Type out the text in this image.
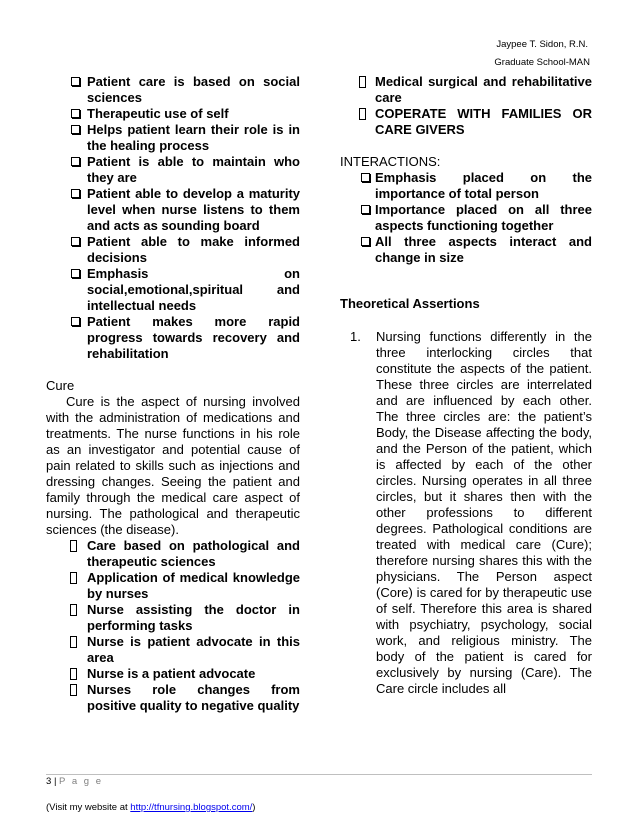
Jaypee T. Sidon, R.N.
Graduate School-MAN
Patient care is based on social sciences
Therapeutic use of self
Helps patient learn their role is in the healing process
Patient is able to maintain who they are
Patient able to develop a maturity level when nurse listens to them and acts as sounding board
Patient able to make informed decisions
Emphasis on social,emotional,spiritual and intellectual needs
Patient makes more rapid progress towards recovery and rehabilitation

Cure

Cure is the aspect of nursing involved with the administration of medications and treatments. The nurse functions in his role as an investigator and potential cause of pain related to skills such as injections and dressing changes. Seeing the patient and family through the medical care aspect of nursing. The pathological and therapeutic sciences (the disease).

Care based on pathological and therapeutic sciences
Application of medical knowledge by nurses
Nurse assisting the doctor in performing tasks
Nurse is patient advocate in this area
Nurse is a patient advocate
Nurses role changes from positive quality to negative quality
Medical surgical and rehabilitative care
COPERATE WITH FAMILIES OR CARE GIVERS

INTERACTIONS:

Emphasis placed on the importance of total person
Importance placed on all three aspects functioning together
All three aspects interact and change in size

Theoretical Assertions

1. Nursing functions differently in the three interlocking circles that constitute the aspects of the patient. These three circles are interrelated and are influenced by each other. The three circles are: the patient’s Body, the Disease affecting the body, and the Person of the patient, which is affected by each of the other circles. Nursing operates in all three circles, but it shares then with the other professions to different degrees. Pathological conditions are treated with medical care (Cure); therefore nursing shares this with the physicians. The Person aspect (Core) is cared for by therapeutic use of self. Therefore this area is shared with psychiatry, psychology, social work, and religious ministry. The body of the patient is cared for exclusively by nursing (Care). The Care circle includes all
3 | P a g e
(Visit my website at http://tfnursing.blogspot.com/)
